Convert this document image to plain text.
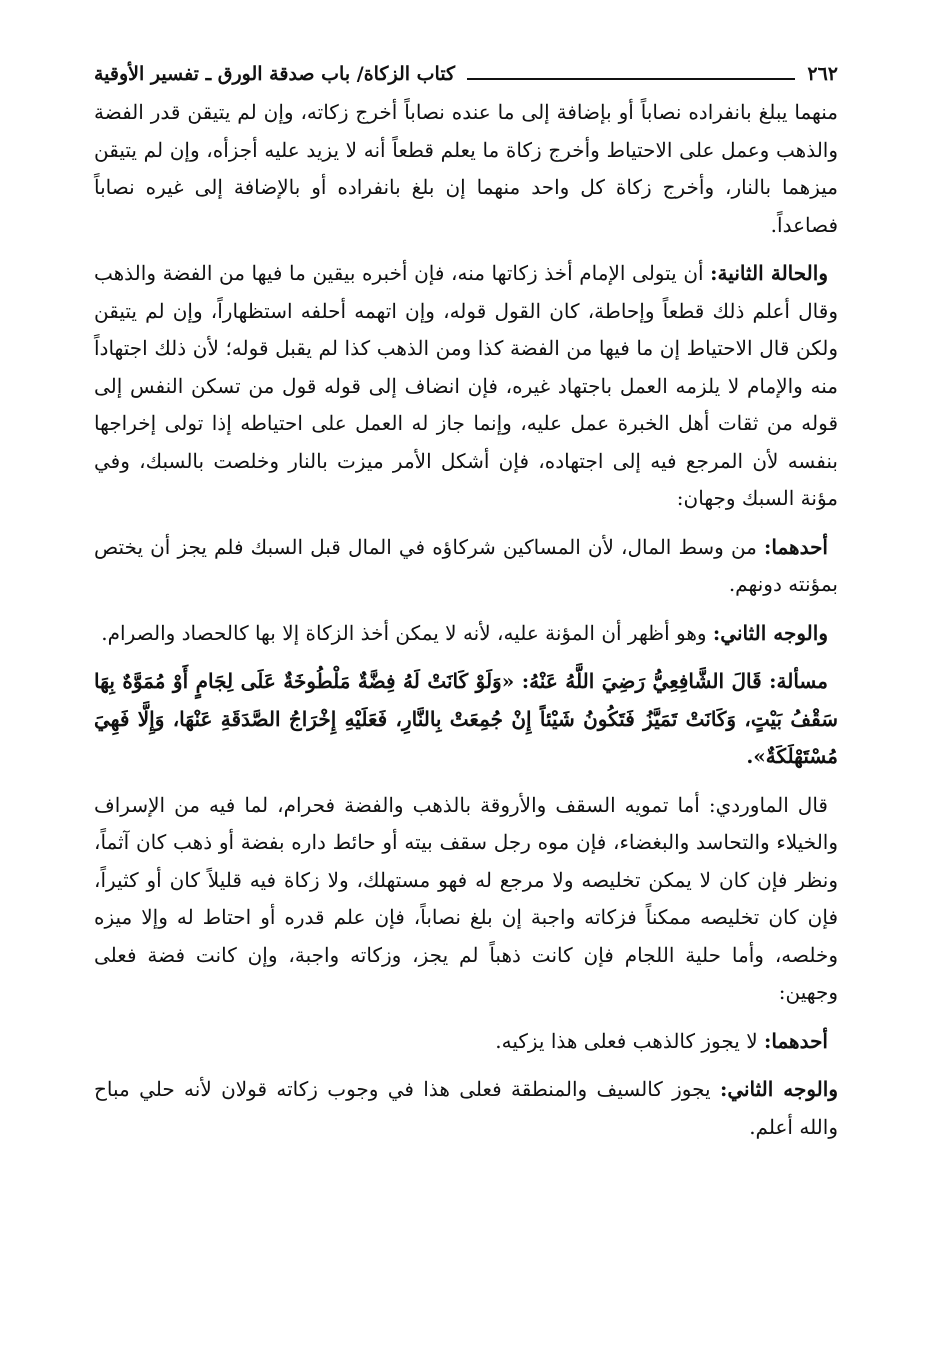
٢٦٢
كتاب الزكاة/ باب صدقة الورق ـ تفسير الأوقية

منهما يبلغ بانفراده نصاباً أو بإضافة إلى ما عنده نصاباً أخرج زكاته، وإن لم يتيقن قدر الفضة والذهب وعمل على الاحتياط وأخرج زكاة ما يعلم قطعاً أنه لا يزيد عليه أجزأه، وإن لم يتيقن ميزهما بالنار، وأخرج زكاة كل واحد منهما إن بلغ بانفراده أو بالإضافة إلى غيره نصاباً فصاعداً.

والحالة الثانية: أن يتولى الإمام أخذ زكاتها منه، فإن أخبره بيقين ما فيها من الفضة والذهب وقال أعلم ذلك قطعاً وإحاطة، كان القول قوله، وإن اتهمه أحلفه استظهاراً، وإن لم يتيقن ولكن قال الاحتياط إن ما فيها من الفضة كذا ومن الذهب كذا لم يقبل قوله؛ لأن ذلك اجتهاداً منه والإمام لا يلزمه العمل باجتهاد غيره، فإن انضاف إلى قوله قول من تسكن النفس إلى قوله من ثقات أهل الخبرة عمل عليه، وإنما جاز له العمل على احتياطه إذا تولى إخراجها بنفسه لأن المرجع فيه إلى اجتهاده، فإن أشكل الأمر ميزت بالنار وخلصت بالسبك، وفي مؤنة السبك وجهان:

أحدهما: من وسط المال، لأن المساكين شركاؤه في المال قبل السبك فلم يجز أن يختص بمؤنته دونهم.

والوجه الثاني: وهو أظهر أن المؤنة عليه، لأنه لا يمكن أخذ الزكاة إلا بها كالحصاد والصرام.

مسألة: قَالَ الشَّافِعِيُّ رَضِيَ اللَّهُ عَنْهُ: «وَلَوْ كَانَتْ لَهُ فِضَّةٌ مَلْطُوخَةٌ عَلَى لِجَامٍ أَوْ مُمَوَّهٌ بِهَا سَقْفُ بَيْتٍ، وَكَانَتْ تَمَيَّزُ فَتَكُونُ شَيْئاً إِنْ جُمِعَتْ بِالنَّارِ، فَعَلَيْهِ إِخْرَاجُ الصَّدَقَةِ عَنْهَا، وَإِلَّا فَهِيَ مُسْتَهْلَكَةٌ».

قال الماوردي: أما تمويه السقف والأروقة بالذهب والفضة فحرام، لما فيه من الإسراف والخيلاء والتحاسد والبغضاء، فإن موه رجل سقف بيته أو حائط داره بفضة أو ذهب كان آثماً، ونظر فإن كان لا يمكن تخليصه ولا مرجع له فهو مستهلك، ولا زكاة فيه قليلاً كان أو كثيراً، فإن كان تخليصه ممكناً فزكاته واجبة إن بلغ نصاباً، فإن علم قدره أو احتاط له وإلا ميزه وخلصه، وأما حلية اللجام فإن كانت ذهباً لم يجز، وزكاته واجبة، وإن كانت فضة فعلى وجهين:

أحدهما: لا يجوز كالذهب فعلى هذا يزكيه.

والوجه الثاني: يجوز كالسيف والمنطقة فعلى هذا في وجوب زكاته قولان لأنه حلي مباح والله أعلم.
